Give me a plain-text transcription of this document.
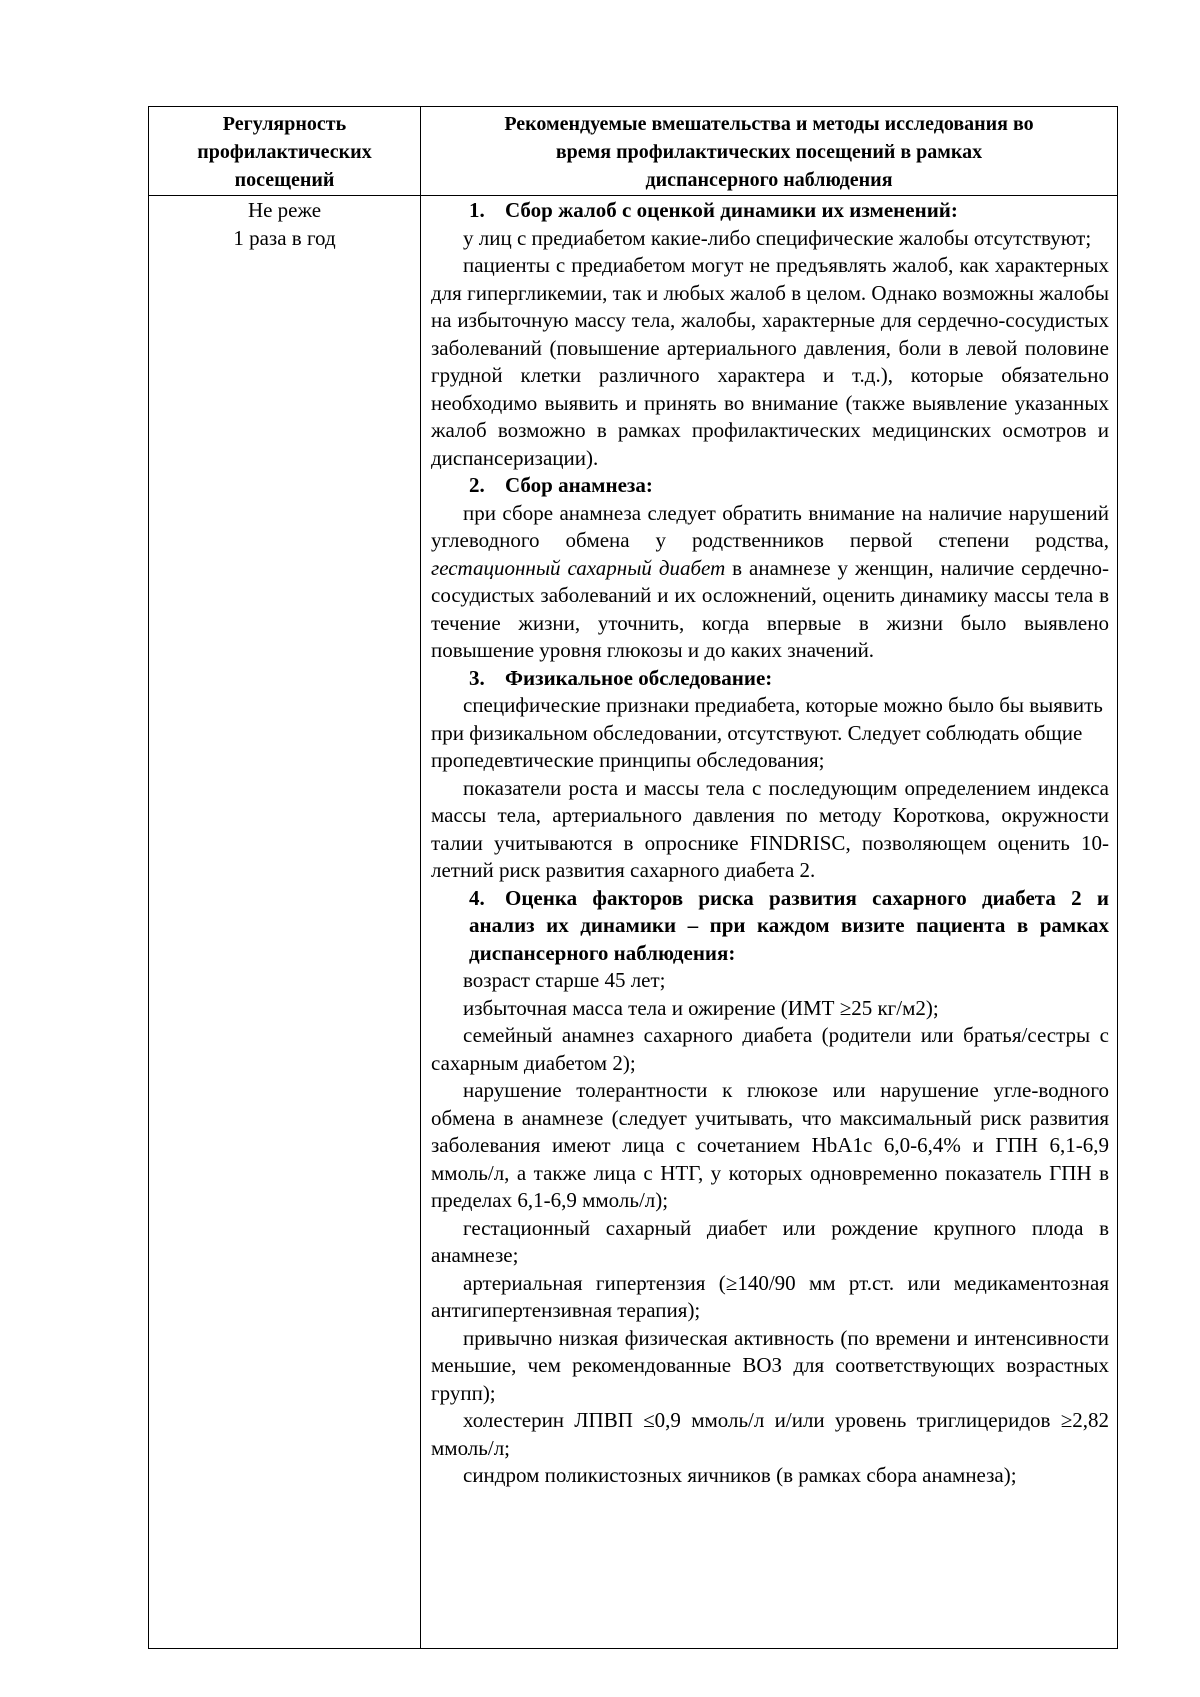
Регулярность
профилактических
посещений
Рекомендуемые вмешательства и методы исследования во
время профилактических посещений в рамках
диспансерного наблюдения
Не реже
1 раза в год
1. Сбор жалоб с оценкой динамики их изменений:
у лиц с предиабетом какие-либо специфические жалобы отсутствуют;
пациенты с предиабетом могут не предъявлять жалоб, как характерных для гипергликемии, так и любых жалоб в целом. Однако возможны жалобы на избыточную массу тела, жалобы, характерные для сердечно-сосудистых заболеваний (повышение артериального давления, боли в левой половине грудной клетки различного характера и т.д.), которые обязательно необходимо выявить и принять во внимание (также выявление указанных жалоб возможно в рамках профилактических медицинских осмотров и диспансеризации).
2. Сбор анамнеза:
при сборе анамнеза следует обратить внимание на наличие нарушений углеводного обмена у родственников первой степени родства, гестационный сахарный диабет в анамнезе у женщин, наличие сердечно-сосудистых заболеваний и их осложнений, оценить динамику массы тела в течение жизни, уточнить, когда впервые в жизни было выявлено повышение уровня глюкозы и до каких значений.
3. Физикальное обследование:
специфические признаки предиабета, которые можно было бы выявить при физикальном обследовании, отсутствуют. Следует соблюдать общие пропедевтические принципы обследования;
показатели роста и массы тела с последующим определением индекса массы тела, артериального давления по методу Короткова, окружности талии учитываются в опроснике FINDRISC, позволяющем оценить 10-летний риск развития сахарного диабета 2.
4. Оценка факторов риска развития сахарного диабета 2 и анализ их динамики – при каждом визите пациента в рамках диспансерного наблюдения:
возраст старше 45 лет;
избыточная масса тела и ожирение (ИМТ ≥25 кг/м2);
семейный анамнез сахарного диабета (родители или братья/сестры с сахарным диабетом 2);
нарушение толерантности к глюкозе или нарушение угле-водного обмена в анамнезе (следует учитывать, что максимальный риск развития заболевания имеют лица с сочетанием HbA1c 6,0-6,4% и ГПН 6,1-6,9 ммоль/л, а также лица с НТГ, у которых одновременно показатель ГПН в пределах 6,1-6,9 ммоль/л);
гестационный сахарный диабет или рождение крупного плода в анамнезе;
артериальная гипертензия (≥140/90 мм рт.ст. или медикаментозная антигипертензивная терапия);
привычно низкая физическая активность (по времени и интенсивности меньшие, чем рекомендованные ВОЗ для соответствующих возрастных групп);
холестерин ЛПВП ≤0,9 ммоль/л и/или уровень триглицеридов ≥2,82 ммоль/л;
синдром поликистозных яичников (в рамках сбора анамнеза);
